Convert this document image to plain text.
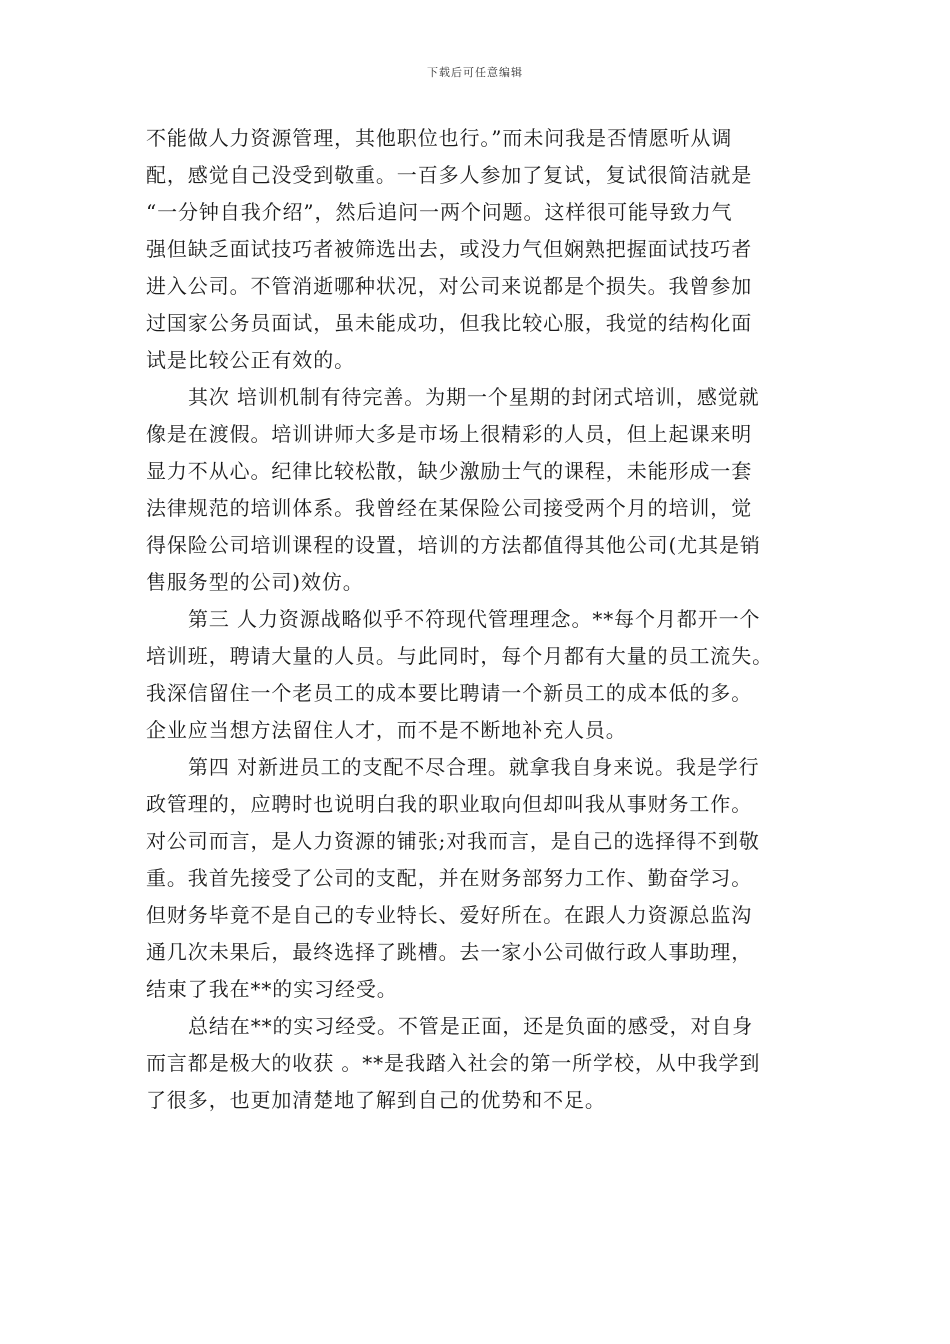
下载后可任意编辑
不能做人力资源管理，其他职位也行。”而未问我是否情愿听从调
配，感觉自己没受到敬重。一百多人参加了复试，复试很简洁就是
“一分钟自我介绍”，然后追问一两个问题。这样很可能导致力气
强但缺乏面试技巧者被筛选出去，或没力气但娴熟把握面试技巧者
进入公司。不管消逝哪种状况，对公司来说都是个损失。我曾参加
过国家公务员面试，虽未能成功，但我比较心服，我觉的结构化面
试是比较公正有效的。
其次 培训机制有待完善。为期一个星期的封闭式培训，感觉就
像是在渡假。培训讲师大多是市场上很精彩的人员，但上起课来明
显力不从心。纪律比较松散，缺少激励士气的课程，未能形成一套
法律规范的培训体系。我曾经在某保险公司接受两个月的培训，觉
得保险公司培训课程的设置，培训的方法都值得其他公司(尤其是销
售服务型的公司)效仿。
第三 人力资源战略似乎不符现代管理理念。**每个月都开一个
培训班，聘请大量的人员。与此同时，每个月都有大量的员工流失。
我深信留住一个老员工的成本要比聘请一个新员工的成本低的多。
企业应当想方法留住人才，而不是不断地补充人员。
第四 对新进员工的支配不尽合理。就拿我自身来说。我是学行
政管理的，应聘时也说明白我的职业取向但却叫我从事财务工作。
对公司而言，是人力资源的铺张;对我而言，是自己的选择得不到敬
重。我首先接受了公司的支配，并在财务部努力工作、勤奋学习。
但财务毕竟不是自己的专业特长、爱好所在。在跟人力资源总监沟
通几次未果后，最终选择了跳槽。去一家小公司做行政人事助理，
结束了我在**的实习经受。
总结在**的实习经受。不管是正面，还是负面的感受，对自身
而言都是极大的收获 。**是我踏入社会的第一所学校，从中我学到
了很多，也更加清楚地了解到自己的优势和不足。
